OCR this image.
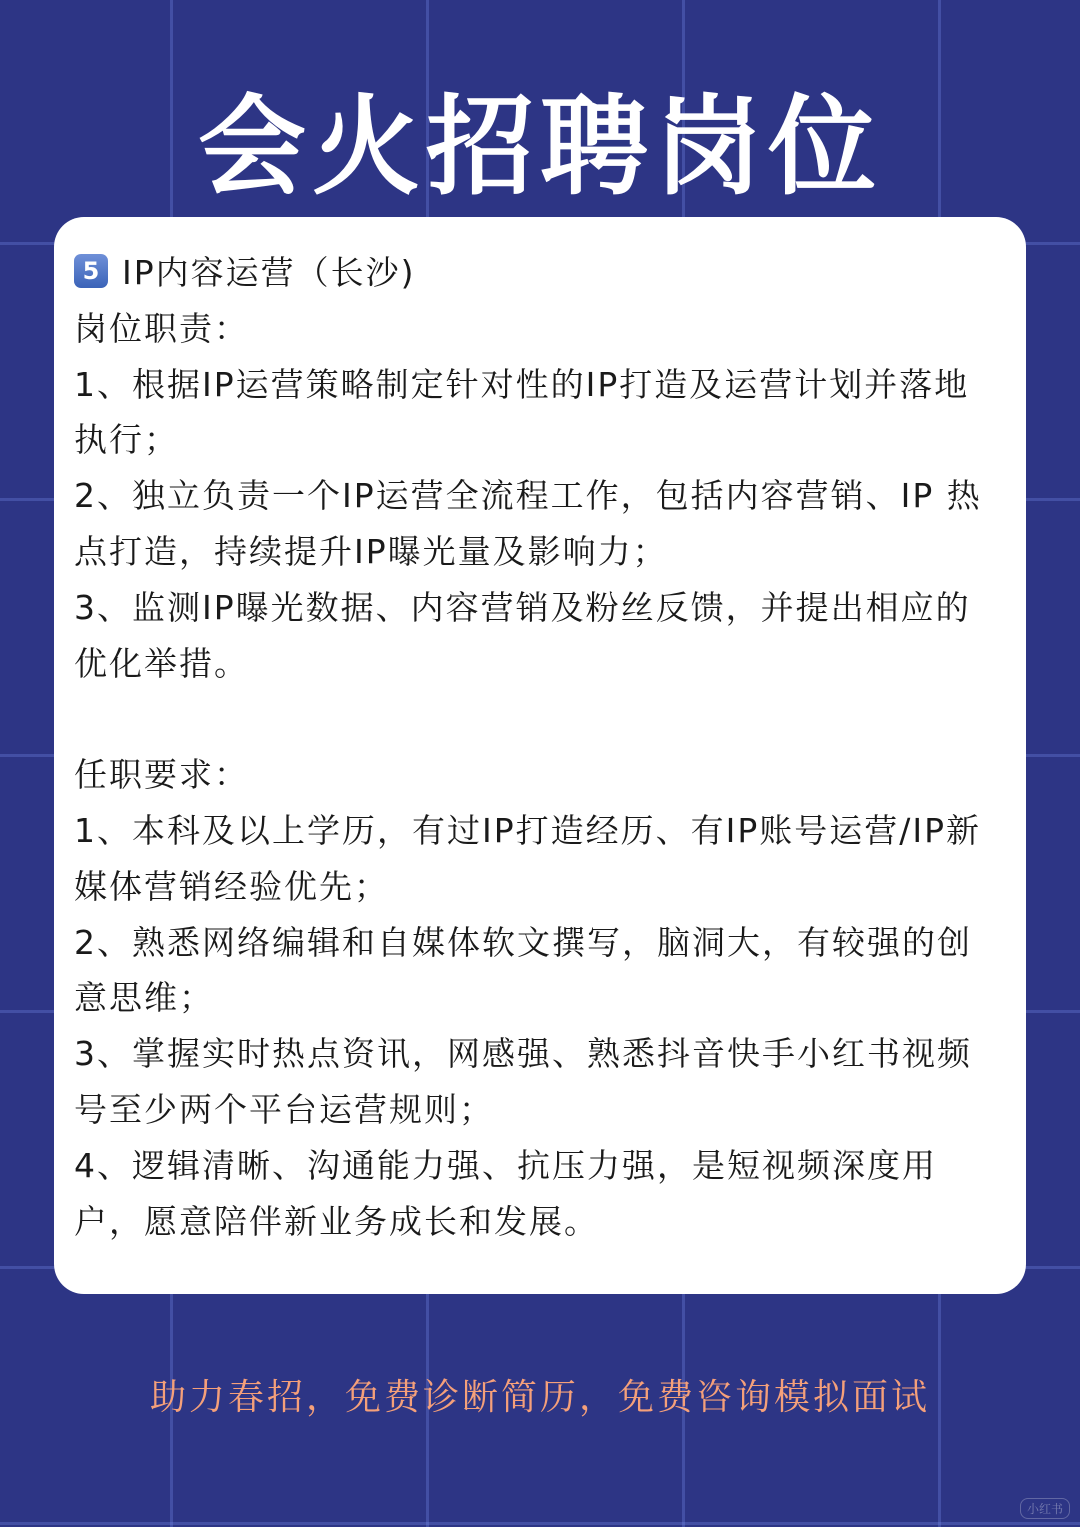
会火招聘岗位
5 IP内容运营（长沙)
岗位职责：
1、根据IP运营策略制定针对性的IP打造及运营计划并落地
执行；
2、独立负责一个IP运营全流程工作，包括内容营销、IP 热
点打造，持续提升IP曝光量及影响力；
3、监测IP曝光数据、内容营销及粉丝反馈，并提出相应的
优化举措。
任职要求：
1、本科及以上学历，有过IP打造经历、有IP账号运营/IP新
媒体营销经验优先；
2、熟悉网络编辑和自媒体软文撰写，脑洞大，有较强的创
意思维；
3、掌握实时热点资讯，网感强、熟悉抖音快手小红书视频
号至少两个平台运营规则；
4、逻辑清晰、沟通能力强、抗压力强，是短视频深度用
户，愿意陪伴新业务成长和发展。
助力春招，免费诊断简历，免费咨询模拟面试
小红书
